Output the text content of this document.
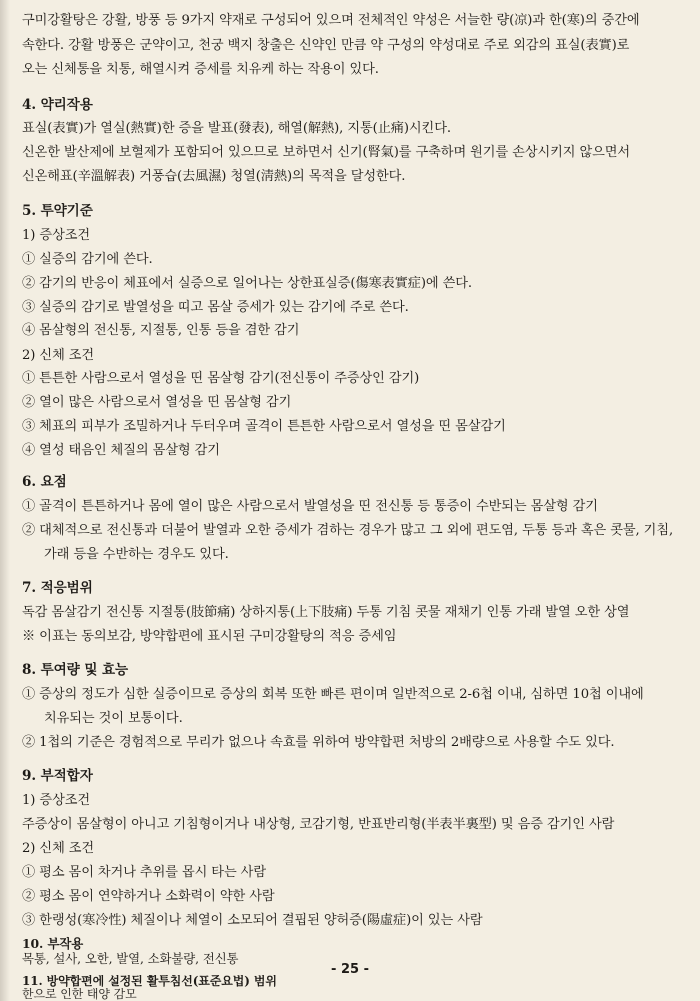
구미강활탕은 강활, 방풍 등 9가지 약재로 구성되어 있으며 전체적인 약성은 서늘한 량(凉)과 한(寒)의 중간에
속한다. 강활 방풍은 군약이고, 천궁 백지 창출은 신약인 만큼 약 구성의 약성대로 주로 외감의 표실(表實)로
오는 신체통을 치통, 해열시켜 증세를 치유케 하는 작용이 있다.
4. 약리작용
표실(表實)가 열실(熱實)한 증을 발표(發表), 해열(解熱), 지통(止痛)시킨다.
신온한 발산제에 보혈제가 포함되어 있으므로 보하면서 신기(腎氣)를 구축하며 원기를 손상시키지 않으면서
신온해표(辛溫解表) 거풍습(去風濕) 청열(淸熱)의 목적을 달성한다.
5. 투약기준
1) 증상조건
① 실증의 감기에 쓴다.
② 감기의 반응이 체표에서 실증으로 일어나는 상한표실증(傷寒表實症)에 쓴다.
③ 실증의 감기로 발열성을 띠고 몸살 증세가 있는 감기에 주로 쓴다.
④ 몸살형의 전신통, 지절통, 인통 등을 겸한 감기
2) 신체 조건
① 튼튼한 사람으로서 열성을 띤 몸살형 감기(전신통이 주증상인 감기)
② 열이 많은 사람으로서 열성을 띤 몸살형 감기
③ 체표의 피부가 조밀하거나 두터우며 골격이 튼튼한 사람으로서 열성을 띤 몸살감기
④ 열성 태음인 체질의 몸살형 감기
6. 요점
① 골격이 튼튼하거나 몸에 열이 많은 사람으로서 발열성을 띤 전신통 등 통증이 수반되는 몸살형 감기
② 대체적으로 전신통과 더불어 발열과 오한 증세가 겸하는 경우가 많고 그 외에 편도염, 두통 등과 혹은 콧물, 기침,
가래 등을 수반하는 경우도 있다.
7. 적응범위
독감 몸살감기 전신통 지절통(肢節痛) 상하지통(上下肢痛) 두통 기침 콧물 재채기 인통 가래 발열 오한 상열
※ 이표는 동의보감, 방약합편에 표시된 구미강활탕의 적응 증세임
8. 투여량 및 효능
① 증상의 정도가 심한 실증이므로 증상의 회복 또한 빠른 편이며 일반적으로 2-6첩 이내, 심하면 10첩 이내에
치유되는 것이 보통이다.
② 1첩의 기준은 경험적으로 무리가 없으나 속효를 위하여 방약합편 처방의 2배량으로 사용할 수도 있다.
9. 부적합자
1) 증상조건
주증상이 몸살형이 아니고 기침형이거나 내상형, 코감기형, 반표반리형(半表半裏型) 및 음증 감기인 사람
2) 신체 조건
① 평소 몸이 차거나 추위를 몹시 타는 사람
② 평소 몸이 연약하거나 소화력이 약한 사람
③ 한랭성(寒冷性) 체질이나 체열이 소모되어 결핍된 양허증(陽虛症)이 있는 사람
10. 부작용
목통, 설사, 오한, 발열, 소화불량, 전신통
- 25 -
11. 방약합편에 설정된 활투침선(표준요법) 범위
한으로 인한 태양 감모
